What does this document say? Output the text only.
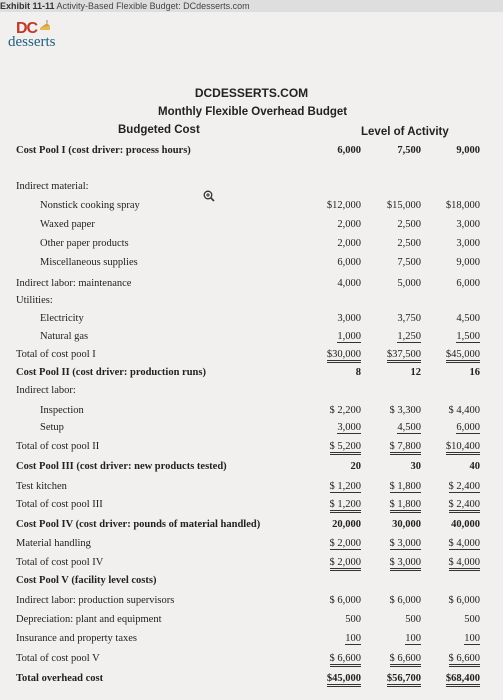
Exhibit 11-11 Activity-Based Flexible Budget: DCdesserts.com
DC
desserts
DCDESSERTS.COM
Monthly Flexible Overhead Budget
Budgeted Cost	Level of Activity
Cost Pool I (cost driver: process hours)	6,000	7,500	9,000
Indirect material:
Nonstick cooking spray	$12,000 $15,000 $18,000
Waxed paper	2,000	2,500	3,000
Other paper products	2,000	2,500	3,000
Miscellaneous supplies	6,000	7,500	9,000
Indirect labor: maintenance	4,000	5,000	6,000
Utilities:
Electricity	3,000	3,750	4,500
Natural gas	1,000	1,250	1,500
Total of cost pool I	$30,000 $37,500 $45,000
Cost Pool II (cost driver: production runs)	8	12	16
Indirect labor:
Inspection	$ 2,200	$ 3,300	$ 4,400
Setup	3,000	4,500	6,000
Total of cost pool II	$ 5,200	$ 7,800 $10,400
Cost Pool III (cost driver: new products tested)	20	30	40
Test kitchen	$ 1,200	$ 1,800	$ 2,400
Total of cost pool III	$ 1,200	$ 1,800	$ 2,400
Cost Pool IV (cost driver: pounds of material handled)	20,000	30,000	40,000
Material handling	$ 2,000	$ 3,000	$ 4,000
Total of cost pool IV	$ 2,000	$ 3,000	$ 4,000
Cost Pool V (facility level costs)
Indirect labor: production supervisors	$ 6,000	$ 6,000	$ 6,000
Depreciation: plant and equipment	500	500	500
Insurance and property taxes	100	100	100
Total of cost pool V	$ 6,600	$ 6,600	$ 6,600
Total overhead cost	$45,000 $56,700 $68,400
